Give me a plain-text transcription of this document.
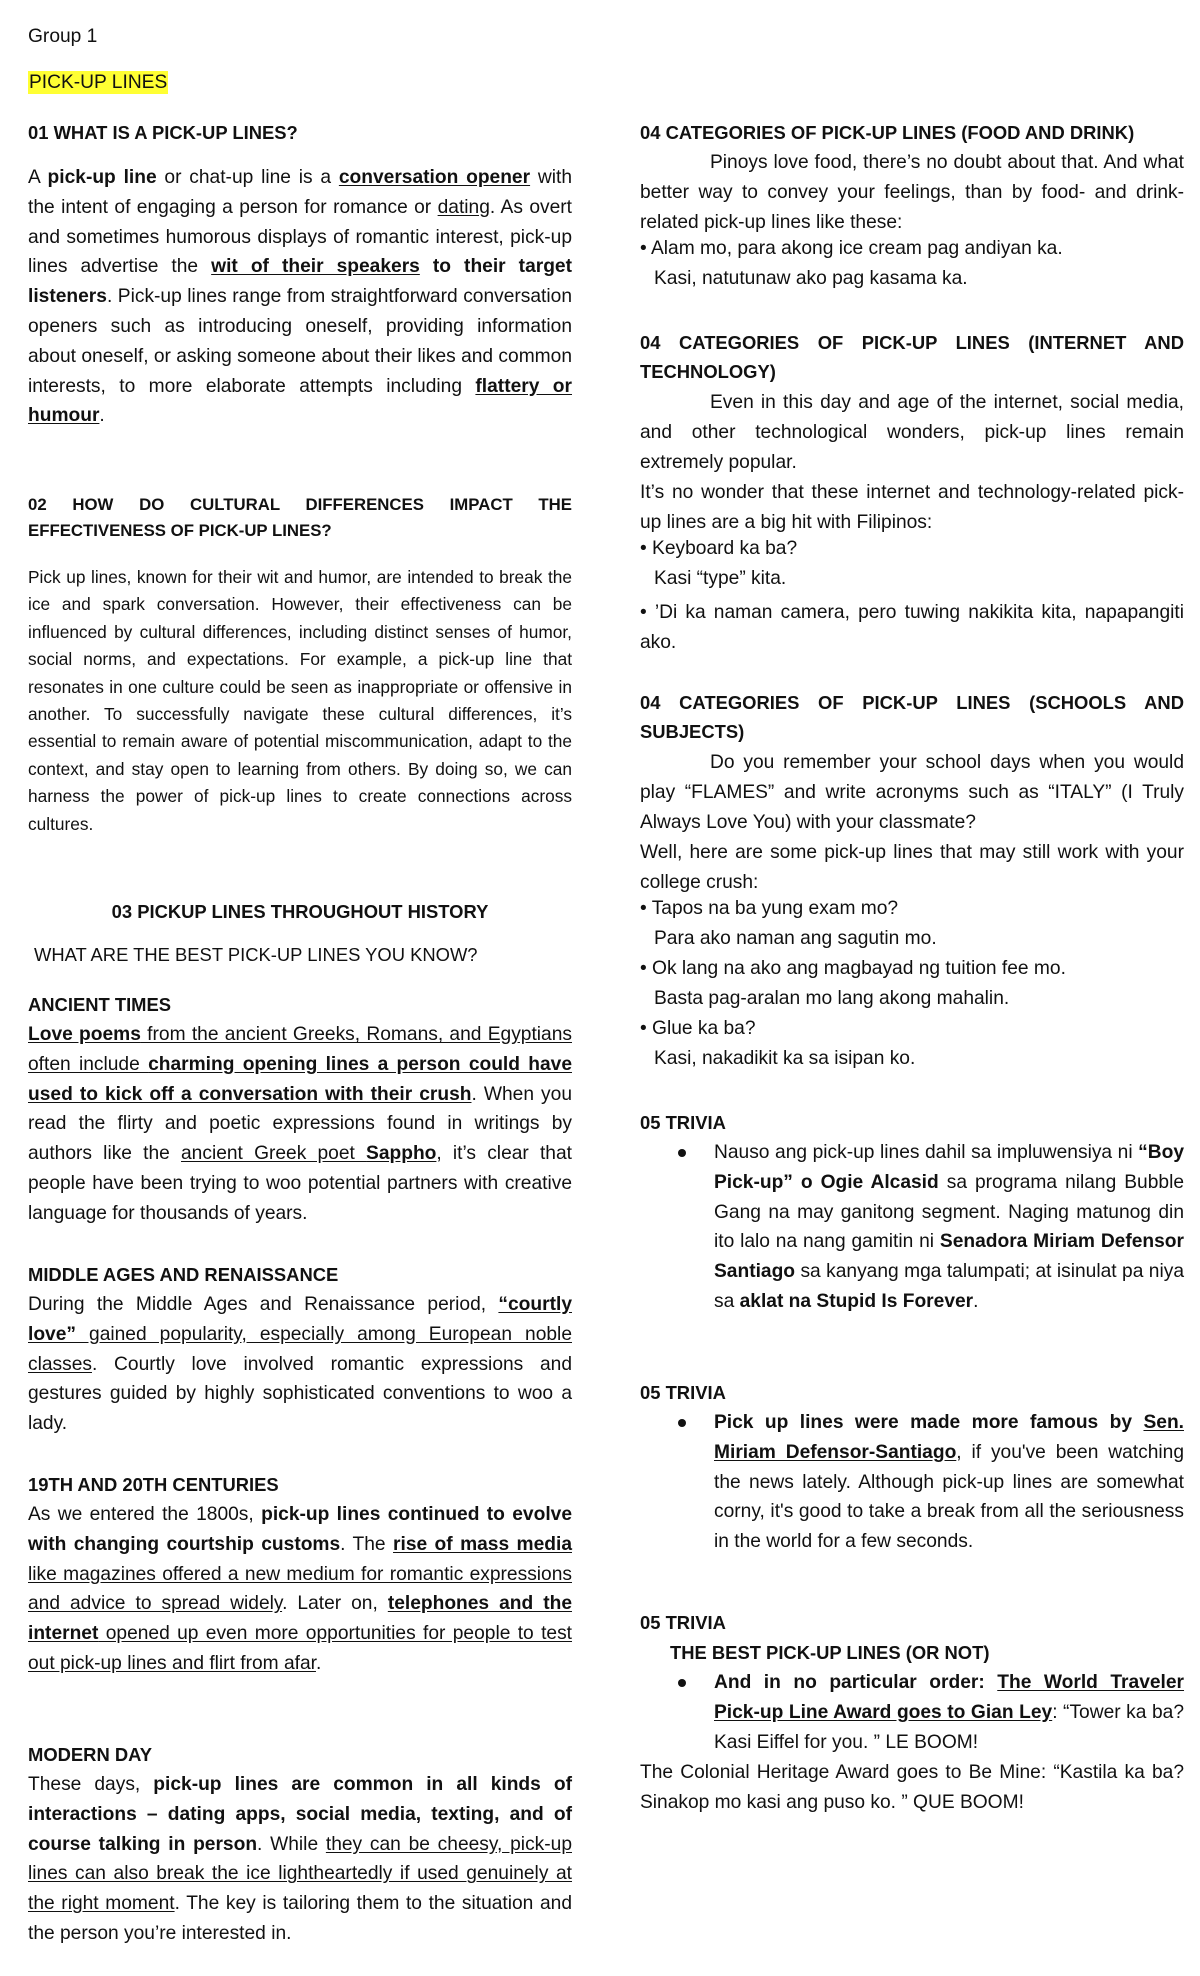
Group 1
PICK-UP LINES
01 WHAT IS A PICK-UP LINES?

A pick-up line or chat-up line is a conversation opener with the intent of engaging a person for romance or dating. As overt and sometimes humorous displays of romantic interest, pick-up lines advertise the wit of their speakers to their target listeners. Pick-up lines range from straightforward conversation openers such as introducing oneself, providing information about oneself, or asking someone about their likes and common interests, to more elaborate attempts including flattery or humour.

02 HOW DO CULTURAL DIFFERENCES IMPACT THE EFFECTIVENESS OF PICK-UP LINES?

Pick up lines, known for their wit and humor, are intended to break the ice and spark conversation. However, their effectiveness can be influenced by cultural differences, including distinct senses of humor, social norms, and expectations. For example, a pick-up line that resonates in one culture could be seen as inappropriate or offensive in another. To successfully navigate these cultural differences, it’s essential to remain aware of potential miscommunication, adapt to the context, and stay open to learning from others. By doing so, we can harness the power of pick-up lines to create connections across cultures.

03 PICKUP LINES THROUGHOUT HISTORY
WHAT ARE THE BEST PICK-UP LINES YOU KNOW?
ANCIENT TIMES

Love poems from the ancient Greeks, Romans, and Egyptians often include charming opening lines a person could have used to kick off a conversation with their crush. When you read the flirty and poetic expressions found in writings by authors like the ancient Greek poet Sappho, it’s clear that people have been trying to woo potential partners with creative language for thousands of years.

MIDDLE AGES AND RENAISSANCE

During the Middle Ages and Renaissance period, “courtly love” gained popularity, especially among European noble classes. Courtly love involved romantic expressions and gestures guided by highly sophisticated conventions to woo a lady.

19TH AND 20TH CENTURIES

As we entered the 1800s, pick-up lines continued to evolve with changing courtship customs. The rise of mass media like magazines offered a new medium for romantic expressions and advice to spread widely. Later on, telephones and the internet opened up even more opportunities for people to test out pick-up lines and flirt from afar.

MODERN DAY

These days, pick-up lines are common in all kinds of interactions – dating apps, social media, texting, and of course talking in person. While they can be cheesy, pick-up lines can also break the ice lightheartedly if used genuinely at the right moment. The key is tailoring them to the situation and the person you’re interested in.

04 CATEGORIES OF PICK-UP LINES (FOOD AND DRINK)

Pinoys love food, there’s no doubt about that. And what better way to convey your feelings, than by food- and drink- related pick-up lines like these:

• Alam mo, para akong ice cream pag andiyan ka.
Kasi, natutunaw ako pag kasama ka.

04 CATEGORIES OF PICK-UP LINES (INTERNET AND TECHNOLOGY)

Even in this day and age of the internet, social media, and other technological wonders, pick-up lines remain extremely popular.

It’s no wonder that these internet and technology-related pick-up lines are a big hit with Filipinos:

• Keyboard ka ba?
Kasi “type” kita.

• ’Di ka naman camera, pero tuwing nakikita kita, napapangiti ako.

04 CATEGORIES OF PICK-UP LINES (SCHOOLS AND SUBJECTS)

Do you remember your school days when you would play “FLAMES” and write acronyms such as “ITALY” (I Truly Always Love You) with your classmate?

Well, here are some pick-up lines that may still work with your college crush:

• Tapos na ba yung exam mo?
Para ako naman ang sagutin mo.
• Ok lang na ako ang magbayad ng tuition fee mo.
Basta pag-aralan mo lang akong mahalin.
• Glue ka ba?
Kasi, nakadikit ka sa isipan ko.
05 TRIVIA

Nauso ang pick-up lines dahil sa impluwensiya ni “Boy Pick-up” o Ogie Alcasid sa programa nilang Bubble Gang na may ganitong segment. Naging matunog din ito lalo na nang gamitin ni Senadora Miriam Defensor Santiago sa kanyang mga talumpati; at isinulat pa niya sa aklat na Stupid Is Forever.

05 TRIVIA

Pick up lines were made more famous by Sen. Miriam Defensor-Santiago, if you've been watching the news lately. Although pick-up lines are somewhat corny, it's good to take a break from all the seriousness in the world for a few seconds.

05 TRIVIA
THE BEST PICK-UP LINES (OR NOT)

And in no particular order: The World Traveler Pick-up Line Award goes to Gian Ley: “Tower ka ba? Kasi Eiffel for you. ” LE BOOM!

The Colonial Heritage Award goes to Be Mine: “Kastila ka ba? Sinakop mo kasi ang puso ko. ” QUE BOOM!
